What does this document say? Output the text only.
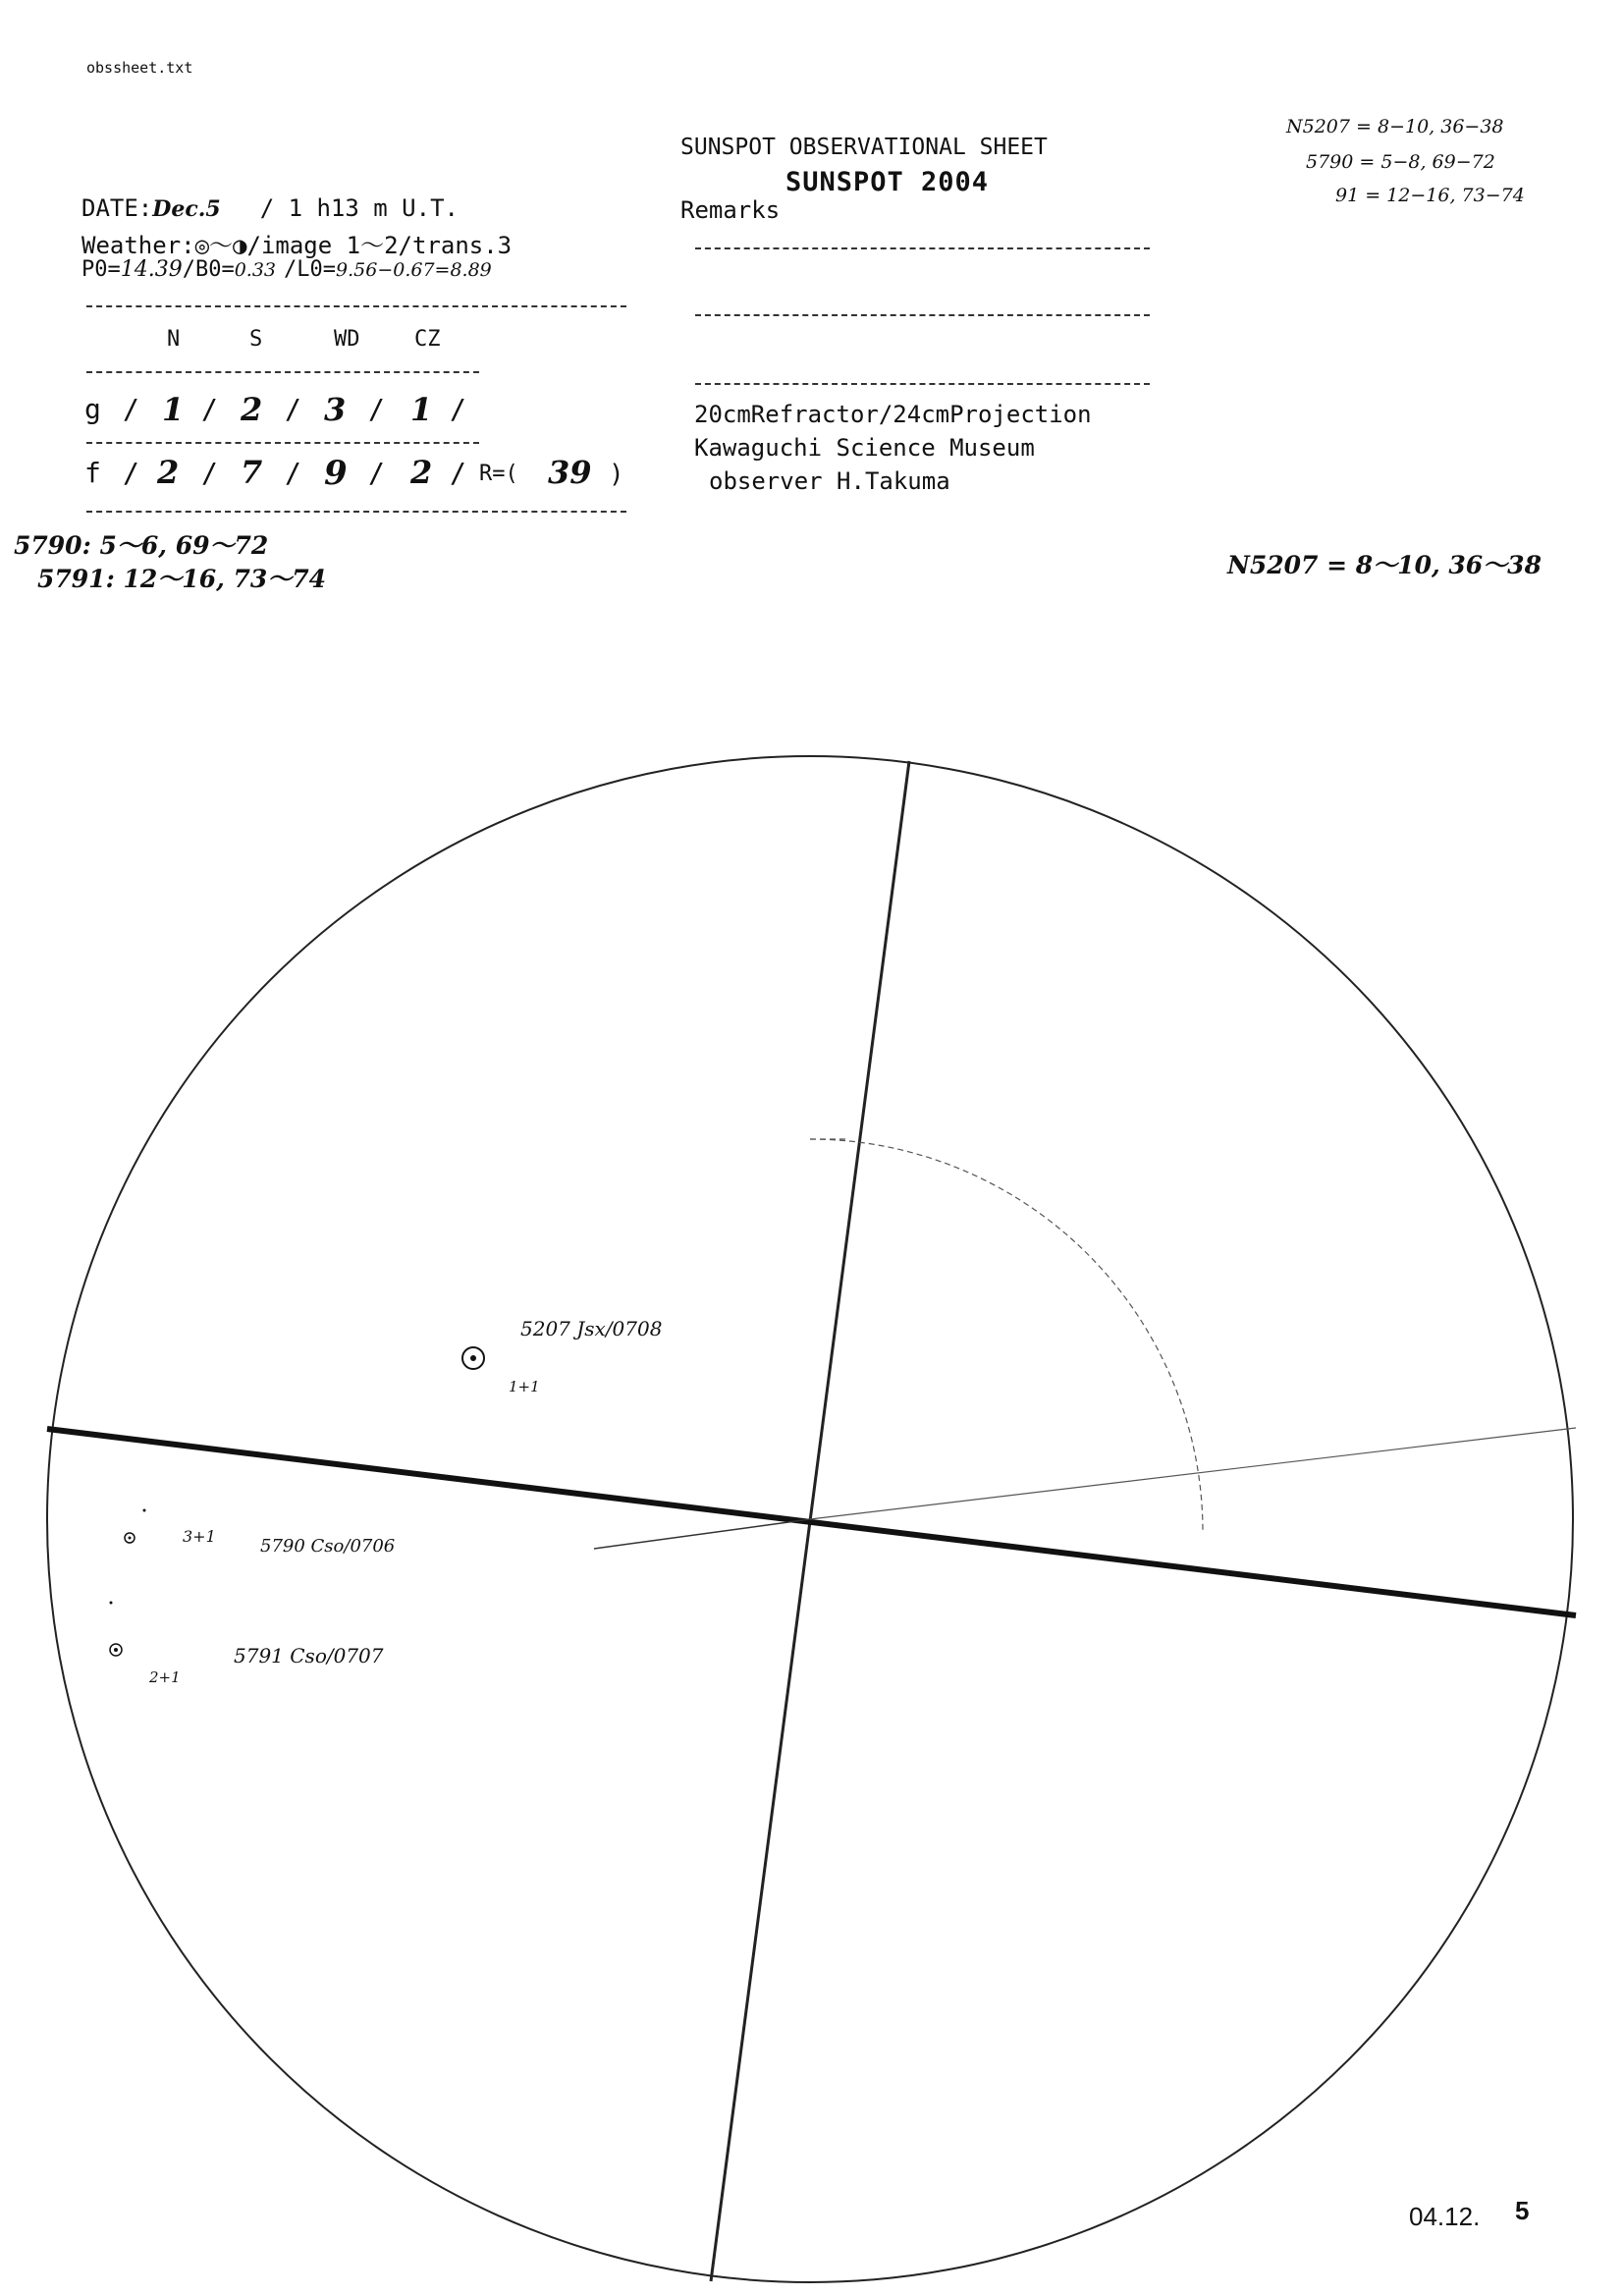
obssheet.txt
SUNSPOT OBSERVATIONAL SHEET
SUNSPOT 2004
Remarks
20cmRefractor/24cmProjection
Kawaguchi Science Museum
observer H.Takuma
DATE:Dec.5 / 1 h13 m U.T.
Weather:◎～◑/image 1～2/trans.3
P0=14.39/B0=0.33 /L0=9.56−0.67=8.89
N	S	WD	CZ
g / 1 / 2 / 3 / 1 /
f / 2 / 7 / 9 / 2 / R=( 39 )
N5207 = 8−10, 36−38
5790 = 5−8, 69−72
91 = 12−16, 73−74
5790: 5～6, 69～72
5791: 12～16, 73～74	N5207 = 8～10, 36～38
5207 Jsx/0708
1+1
5790 Cso/0706
3+1
5791 Cso/0707
2+1
04.12. 5
